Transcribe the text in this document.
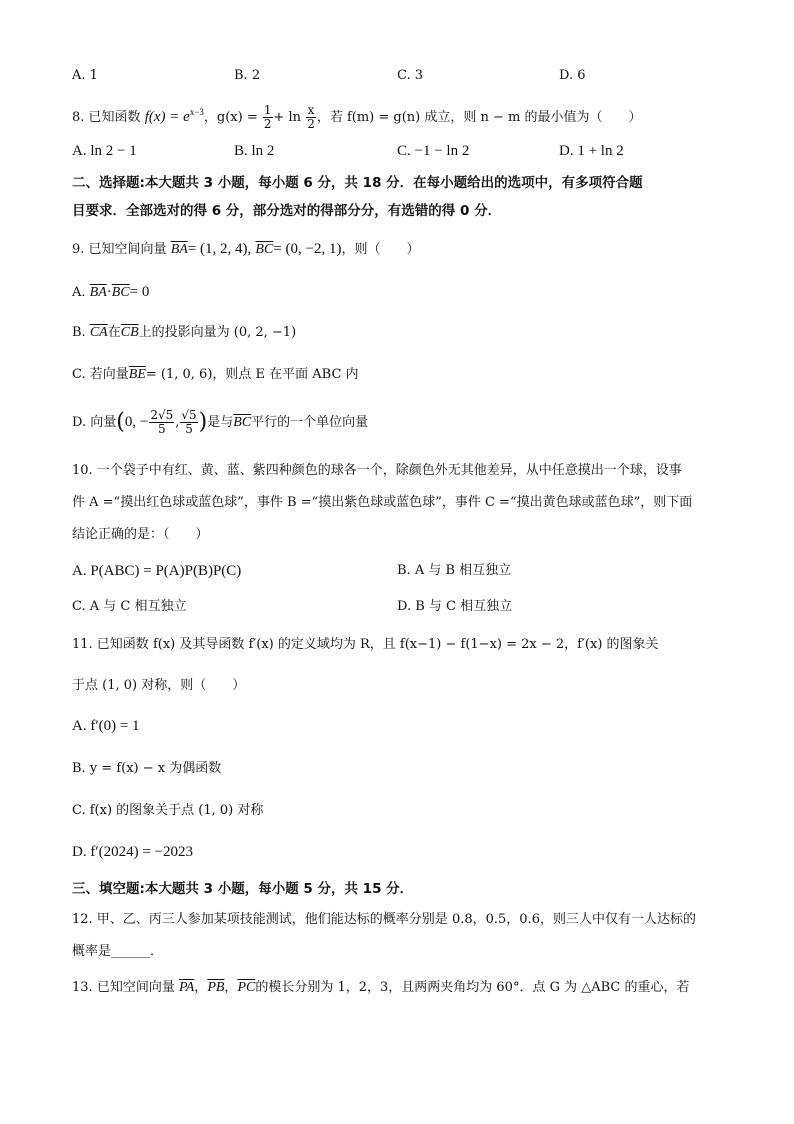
A. 1	B. 2	C. 3	D. 6
8. 已知函数 $f(x) = e^{x-3}$，$g(x) = \frac{1}{2} + \ln \frac{x}{2}$ ，若 f(m) = g(n) 成立，则 n − m 的最小值为（　　）
A. ln 2 − 1	B. ln 2	C. −1 − ln 2	D. 1 + ln 2
二、选择题:本大题共 3 小题，每小题 6 分，共 18 分．在每小题给出的选项中，有多项符合题
目要求．全部选对的得 6 分，部分选对的得部分分，有选错的得 0 分．
9. 已知空间向量 $\overline{BA}= (1$, 2, 4), $\overline{BC}= (0$, −2, 1)，则（　　）
A. $\overline{BA}\cdot\overline{BC}= 0$
B. $\overline{CA}$在$\overline{CB}$上的投影向量为 (0, 2, −1)
C. 若向量$\overline{BE}= (1$, 0, 6)，则点 E 在平面 ABC 内
D. 向量(0, − $\frac{2√5}{5}$ , $\frac{√5}{5}$ )是与$\overline{BC}$平行的一个单位向量
10. 一个袋子中有红、黄、蓝、紫四种颜色的球各一个，除颜色外无其他差异，从中任意摸出一个球，设事
件 A =“摸出红色球或蓝色球”，事件 B =“摸出紫色球或蓝色球”，事件 C =“摸出黄色球或蓝色球”，则下面
结论正确的是：（　　）
A. P(ABC) = P(A)P(B)P(C)	B. A 与 B 相互独立
C. A 与 C 相互独立	D. B 与 C 相互独立
11. 已知函数 f(x) 及其导函数 f′(x) 的定义域均为 R，且 f(x−1) − f(1−x) = 2x − 2，f′(x) 的图象关
于点 (1, 0) 对称，则（　　）
A. f′(0) = 1
B. y = f(x) − x 为偶函数
C. f(x) 的图象关于点 (1, 0) 对称
D. f′(2024) = −2023
三、填空题:本大题共 3 小题，每小题 5 分，共 15 分．
12. 甲、乙、丙三人参加某项技能测试，他们能达标的概率分别是 0.8，0.5，0.6，则三人中仅有一人达标的
概率是______．
13. 已知空间向量 $\overline{PA}$，$\overline{PB}$，$\overline{PC}$的模长分别为 1，2，3，且两两夹角均为 60°．点 G 为 △ABC 的重心，若
